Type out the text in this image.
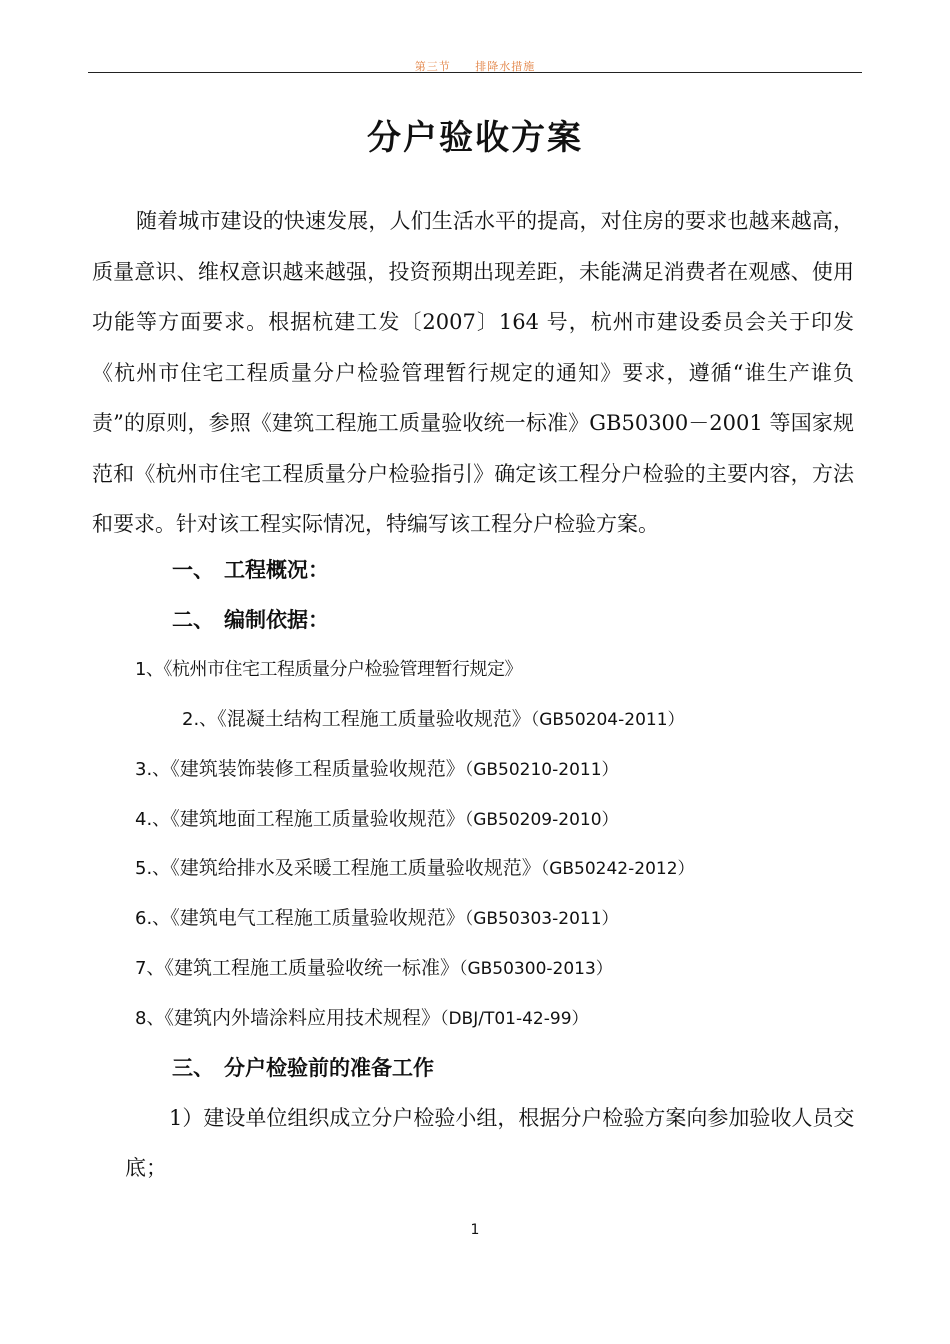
第三节 排降水措施
分户验收方案

随着城市建设的快速发展，人们生活水平的提高，对住房的要求也越来越高，质量意识、维权意识越来越强，投资预期出现差距，未能满足消费者在观感、使用功能等方面要求。根据杭建工发〔2007〕164 号，杭州市建设委员会关于印发《杭州市住宅工程质量分户检验管理暂行规定的通知》要求，遵循“谁生产谁负责”的原则，参照《建筑工程施工质量验收统一标准》GB50300－2001 等国家规范和《杭州市住宅工程质量分户检验指引》确定该工程分户检验的主要内容，方法和要求。针对该工程实际情况，特编写该工程分户检验方案。

一、 工程概况：
二、 编制依据：
1、《杭州市住宅工程质量分户检验管理暂行规定》
2.、《混凝土结构工程施工质量验收规范》（GB50204-2011）
3.、《建筑装饰装修工程质量验收规范》（GB50210-2011）
4.、《建筑地面工程施工质量验收规范》（GB50209-2010）
5.、《建筑给排水及采暖工程施工质量验收规范》（GB50242-2012）
6.、《建筑电气工程施工质量验收规范》（GB50303-2011）
7、《建筑工程施工质量验收统一标准》（GB50300-2013）
8、《建筑内外墙涂料应用技术规程》（DBJ/T01-42-99）
三、 分户检验前的准备工作

1）建设单位组织成立分户检验小组，根据分户检验方案向参加验收人员交底；

1
